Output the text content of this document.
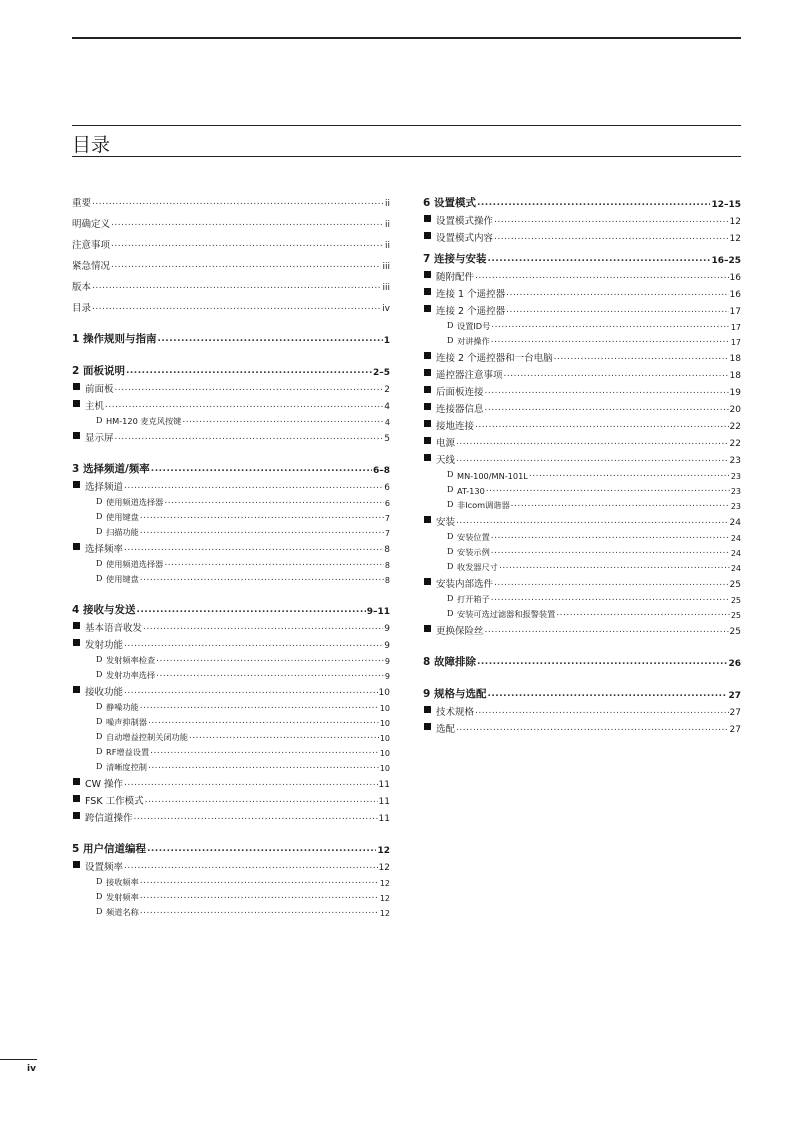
目录
重要 .....	ii
明确定义 .....	ii
注意事项 .....	ii
紧急情况 .....	iii
版本 .....	iii
目录 .....	iv
1 操作规则与指南 .....	1
2 面板说明 .....	2–5
前面板 .....	2
主机 .....	4
D HM-120 麦克风按键 .....	4
显示屏 .....	5
3 选择频道/频率 .....	6–8
选择频道 .....	6
D 使用频道选择器 .....	6
D 使用键盘 .....	7
D 扫描功能 .....	7
选择频率 .....	8
D 使用频道选择器 .....	8
D 使用键盘 .....	8
4 接收与发送 .....	9–11
基本语音收发 .....	9
发射功能 .....	9
D 发射频率检查 .....	9
D 发射功率选择 .....	9
接收功能 .....	10
D 静噪功能 .....	10
D 噪声抑制器 .....	10
D 自动增益控制关闭功能 .....	10
D RF增益设置 .....	10
D 清晰度控制 .....	10
CW 操作 .....	11
FSK 工作模式 .....	11
跨信道操作 .....	11
5 用户信道编程 .....	12
设置频率 .....	12
D 接收频率 .....	12
D 发射频率 .....	12
D 频道名称 .....	12
6 设置模式 .....	12–15
设置模式操作 .....	12
设置模式内容 .....	12
7 连接与安装 .....	16–25
随附配件 .....	16
连接 1 个遥控器 .....	16
连接 2 个遥控器 .....	17
D 设置ID号 .....	17
D 对讲操作 .....	17
连接 2 个遥控器和一台电脑 .....	18
遥控器注意事项 .....	18
后面板连接 .....	19
连接器信息 .....	20
接地连接 .....	22
电源 .....	22
天线 .....	23
D MN-100/MN-101L .....	23
D AT-130 .....	23
D 非Icom调谐器 .....	23
安装 .....	24
D 安装位置 .....	24
D 安装示例 .....	24
D 收发器尺寸 .....	24
安装内部选件 .....	25
D 打开箱子 .....	25
D 安装可选过滤器和报警装置 .....	25
更换保险丝 .....	25
8 故障排除 .....	26
9 规格与选配 .....	27
技术规格 .....	27
选配 .....	27
iv
